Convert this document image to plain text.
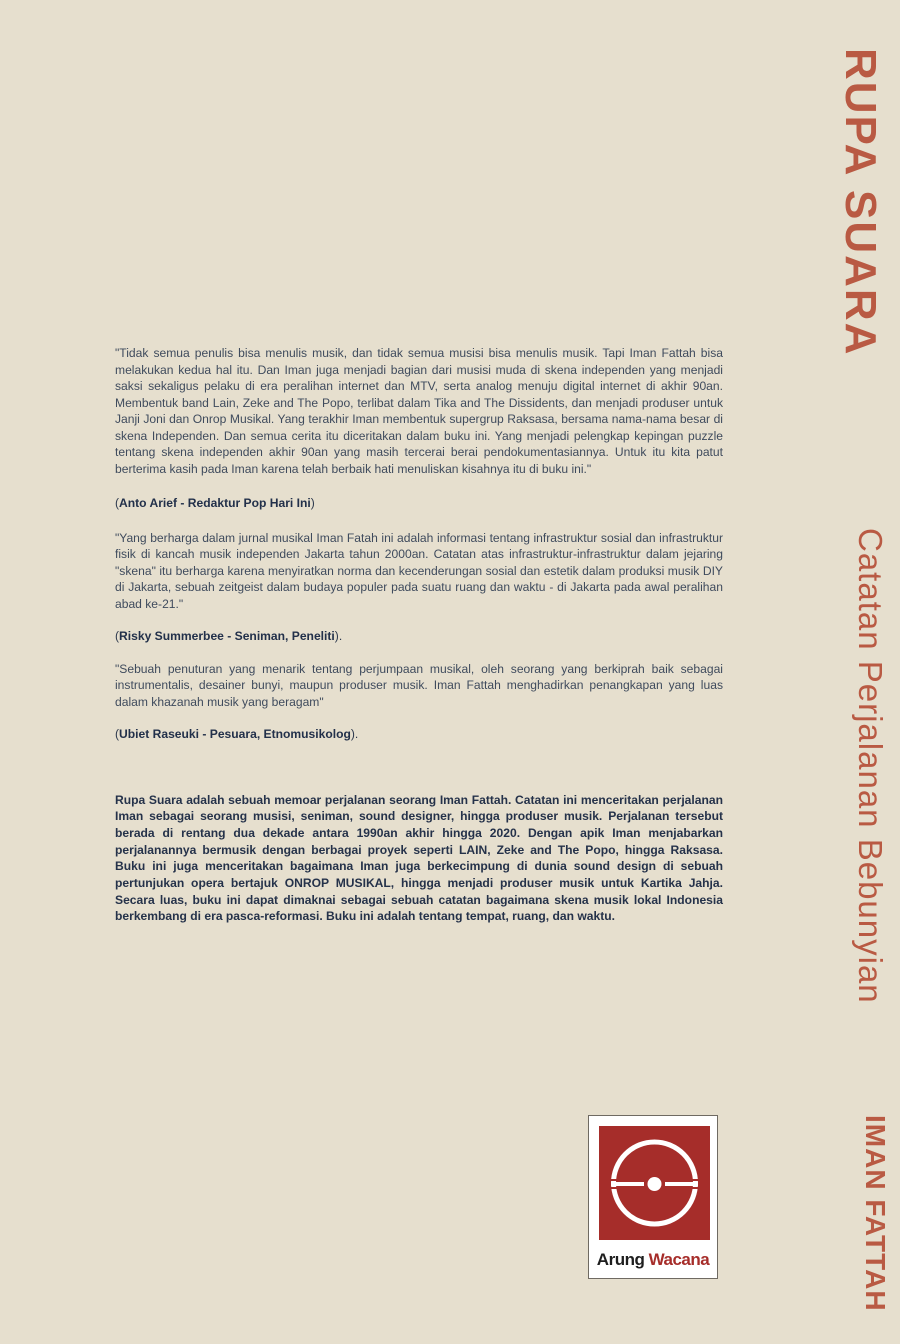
"Tidak semua penulis bisa menulis musik, dan tidak semua musisi bisa menulis musik. Tapi Iman Fattah bisa melakukan kedua hal itu. Dan Iman juga menjadi bagian dari musisi muda di skena independen yang menjadi saksi sekaligus pelaku di era peralihan internet dan MTV, serta analog menuju digital internet di akhir 90an. Membentuk band Lain, Zeke and The Popo, terlibat dalam Tika and The Dissidents, dan menjadi produser untuk Janji Joni dan Onrop Musikal. Yang terakhir Iman membentuk supergrup Raksasa, bersama nama-nama besar di skena Independen. Dan semua cerita itu diceritakan dalam buku ini. Yang menjadi pelengkap kepingan puzzle tentang skena independen akhir 90an yang masih tercerai berai pendokumentasiannya. Untuk itu kita patut berterima kasih pada Iman karena telah berbaik hati menuliskan kisahnya itu di buku ini."

(Anto Arief - Redaktur Pop Hari Ini)

"Yang berharga dalam jurnal musikal Iman Fatah ini adalah informasi tentang infrastruktur sosial dan infrastruktur fisik di kancah musik independen Jakarta tahun 2000an. Catatan atas infrastruktur-infrastruktur dalam jejaring "skena" itu berharga karena menyiratkan norma dan kecenderungan sosial dan estetik dalam produksi musik DIY di Jakarta, sebuah zeitgeist dalam budaya populer pada suatu ruang dan waktu - di Jakarta pada awal peralihan abad ke-21."

(Risky Summerbee - Seniman, Peneliti).

"Sebuah penuturan yang menarik tentang perjumpaan musikal, oleh seorang yang berkiprah baik sebagai instrumentalis, desainer bunyi, maupun produser musik. Iman Fattah menghadirkan penangkapan yang luas dalam khazanah musik yang beragam"

(Ubiet Raseuki - Pesuara, Etnomusikolog).

Rupa Suara adalah sebuah memoar perjalanan seorang Iman Fattah. Catatan ini menceritakan perjalanan Iman sebagai seorang musisi, seniman, sound designer, hingga produser musik. Perjalanan tersebut berada di rentang dua dekade antara 1990an akhir hingga 2020. Dengan apik Iman menjabarkan perjalanannya bermusik dengan berbagai proyek seperti LAIN, Zeke and The Popo, hingga Raksasa. Buku ini juga menceritakan bagaimana Iman juga berkecimpung di dunia sound design di sebuah pertunjukan opera bertajuk ONROP MUSIKAL, hingga menjadi produser musik untuk Kartika Jahja. Secara luas, buku ini dapat dimaknai sebagai sebuah catatan bagaimana skena musik lokal Indonesia berkembang di era pasca-reformasi. Buku ini adalah tentang tempat, ruang, dan waktu.

RUPA SUARA
Catatan Perjalanan Bebunyian
IMAN FATTAH
Arung Wacana
